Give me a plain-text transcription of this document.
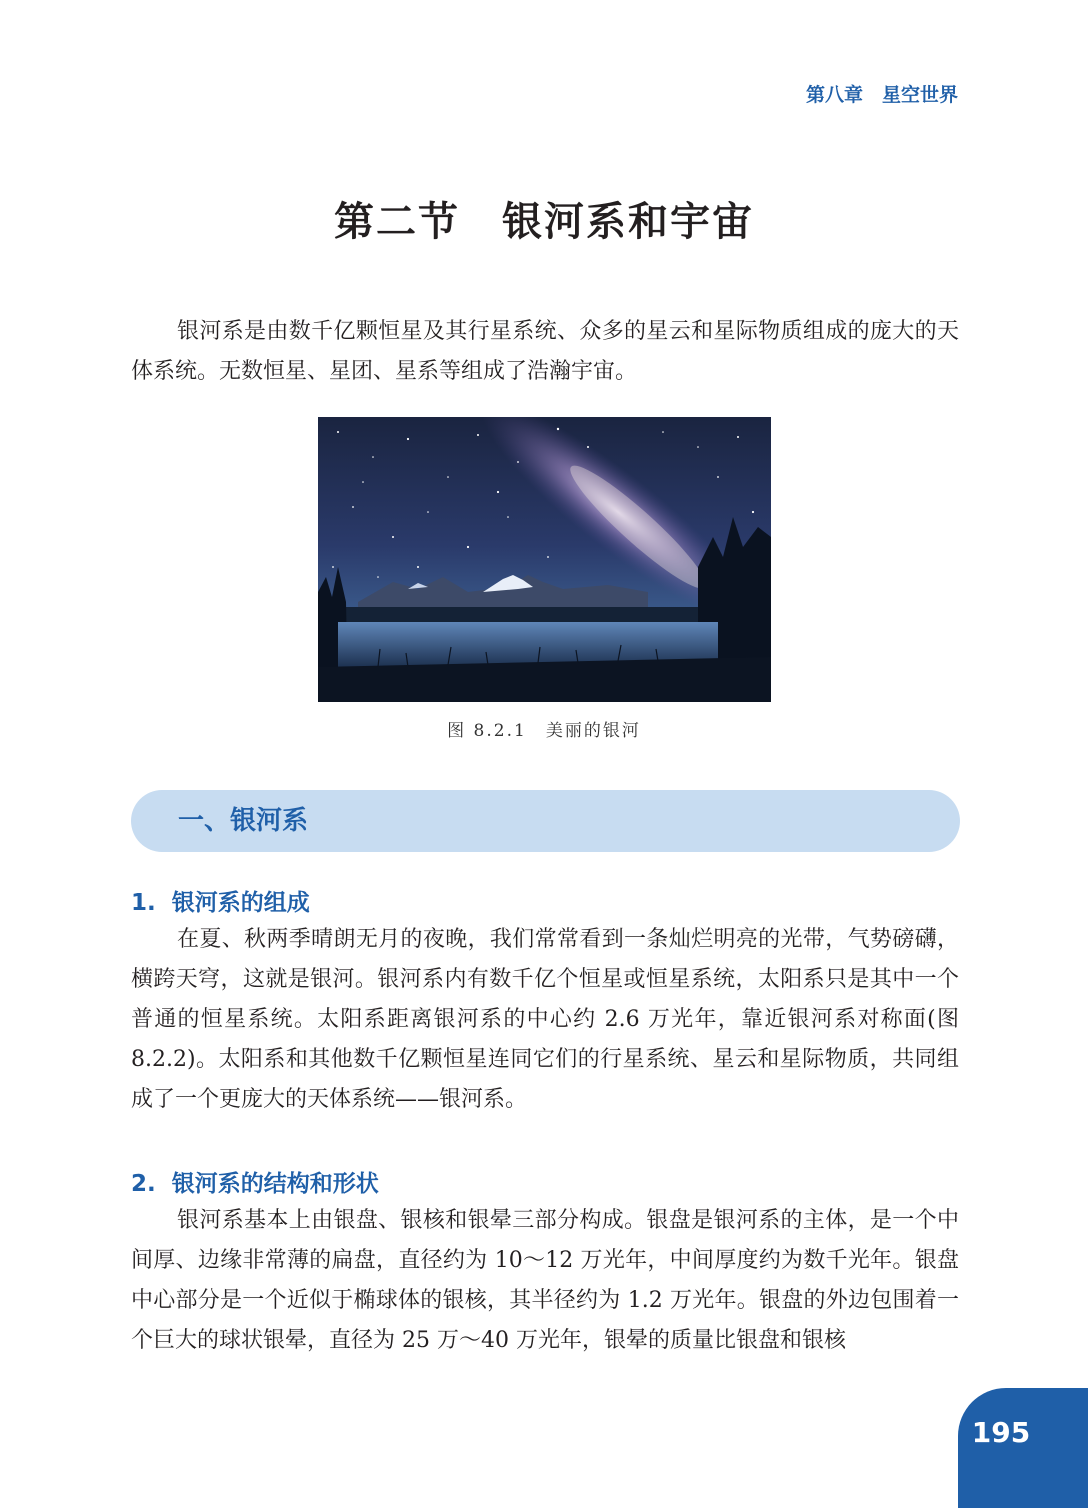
第八章　星空世界
第二节　银河系和宇宙

银河系是由数千亿颗恒星及其行星系统、众多的星云和星际物质组成的庞大的天体系统。无数恒星、星团、星系等组成了浩瀚宇宙。

图 8.2.1　美丽的银河
一、银河系
1.  银河系的组成

在夏、秋两季晴朗无月的夜晚，我们常常看到一条灿烂明亮的光带，气势磅礴，横跨天穹，这就是银河。银河系内有数千亿个恒星或恒星系统，太阳系只是其中一个普通的恒星系统。太阳系距离银河系的中心约 2.6 万光年，靠近银河系对称面(图 8.2.2)。太阳系和其他数千亿颗恒星连同它们的行星系统、星云和星际物质，共同组成了一个更庞大的天体系统——银河系。

2.  银河系的结构和形状

银河系基本上由银盘、银核和银晕三部分构成。银盘是银河系的主体，是一个中间厚、边缘非常薄的扁盘，直径约为 10～12 万光年，中间厚度约为数千光年。银盘中心部分是一个近似于椭球体的银核，其半径约为 1.2 万光年。银盘的外边包围着一个巨大的球状银晕，直径为 25 万～40 万光年，银晕的质量比银盘和银核

195
